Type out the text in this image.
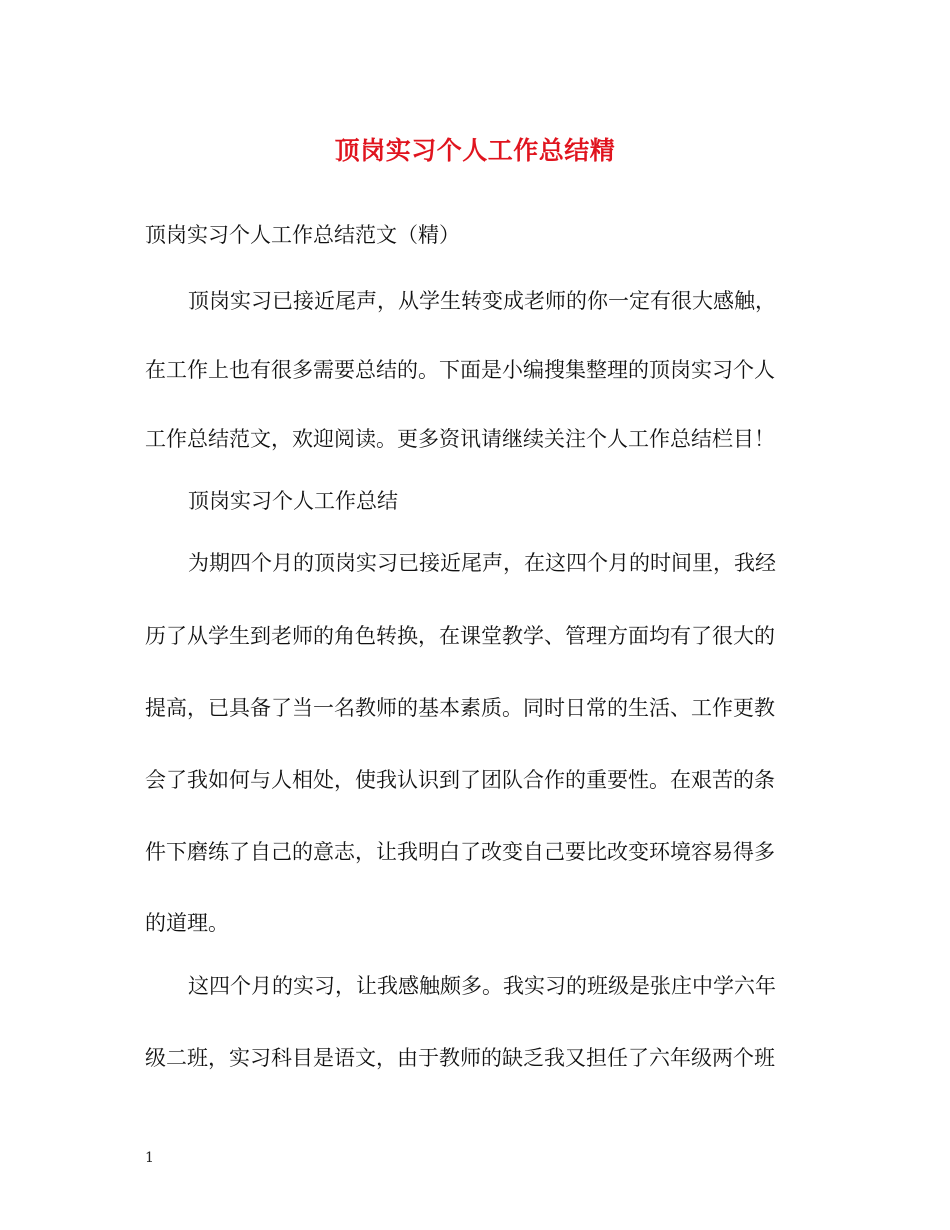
顶岗实习个人工作总结精
顶岗实习个人工作总结范文（精）
顶岗实习已接近尾声，从学生转变成老师的你一定有很大感触，
在工作上也有很多需要总结的。下面是小编搜集整理的顶岗实习个人
工作总结范文，欢迎阅读。更多资讯请继续关注个人工作总结栏目！
顶岗实习个人工作总结
为期四个月的顶岗实习已接近尾声，在这四个月的时间里，我经
历了从学生到老师的角色转换，在课堂教学、管理方面均有了很大的
提高，已具备了当一名教师的基本素质。同时日常的生活、工作更教
会了我如何与人相处，使我认识到了团队合作的重要性。在艰苦的条
件下磨练了自己的意志，让我明白了改变自己要比改变环境容易得多
的道理。
这四个月的实习，让我感触颇多。我实习的班级是张庄中学六年
级二班，实习科目是语文，由于教师的缺乏我又担任了六年级两个班
1
